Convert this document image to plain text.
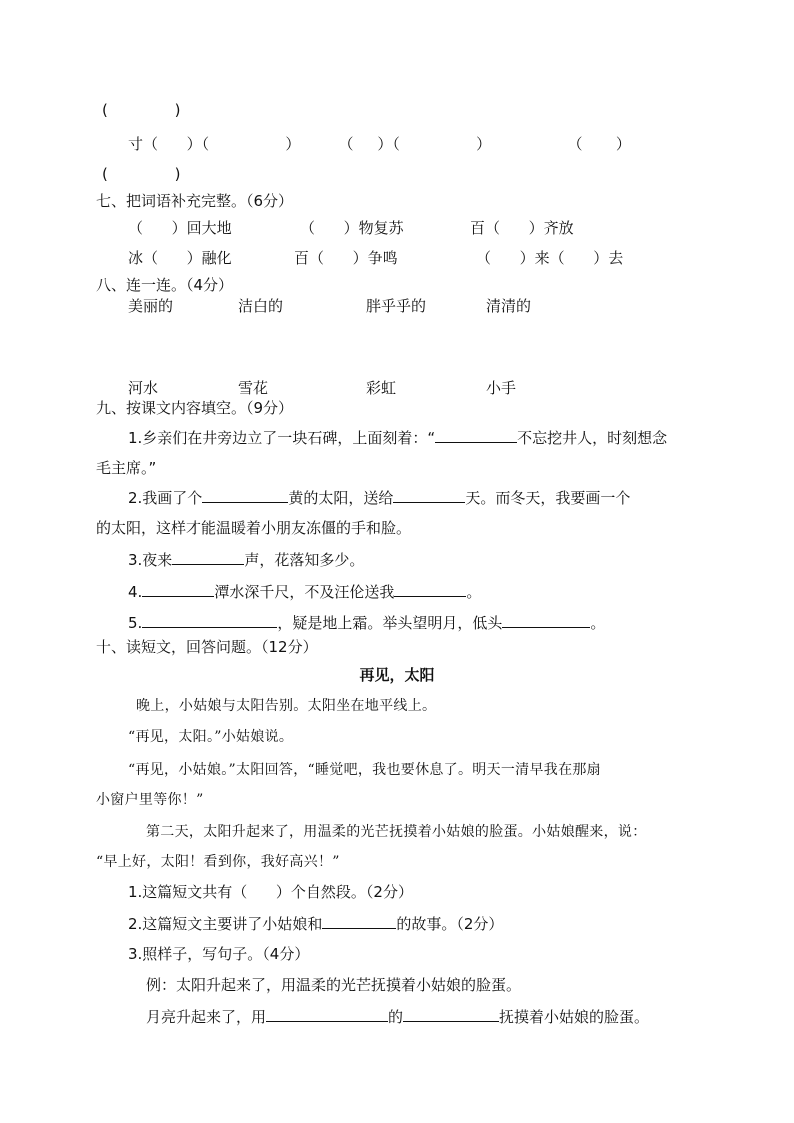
(              )
寸（      ）（                ）        （     ）（                ）                （       ）
(              )
七、把词语补充完整。（6分）
（      ）回大地	（      ）物复苏	百（      ）齐放
冰（      ）融化	百（      ）争鸣	（      ）来（      ）去
八、连一连。（4分）
美丽的	洁白的	胖乎乎的	清清的
河水	雪花	彩虹	小手
九、按课文内容填空。（9分）
1.乡亲们在井旁边立了一块石碑，上面刻着：“	不忘挖井人，时刻想念
毛主席。”
2.我画了个	黄的太阳，送给	天。而冬天，我要画一个
的太阳，这样才能温暖着小朋友冻僵的手和脸。
3.夜来	声，花落知多少。
4.	潭水深千尺，不及汪伦送我	。
5.	，疑是地上霜。举头望明月，低头	。
十、读短文，回答问题。（12分）
再见，太阳
晚上，小姑娘与太阳告别。太阳坐在地平线上。
“再见，太阳。”小姑娘说。
“再见，小姑娘。”太阳回答，“睡觉吧，我也要休息了。明天一清早我在那扇
小窗户里等你！”
第二天，太阳升起来了，用温柔的光芒抚摸着小姑娘的脸蛋。小姑娘醒来，说：
“早上好，太阳！看到你，我好高兴！”
1.这篇短文共有（      ）个自然段。（2分）
2.这篇短文主要讲了小姑娘和	的故事。（2分）
3.照样子，写句子。（4分）
例：太阳升起来了，用温柔的光芒抚摸着小姑娘的脸蛋。
月亮升起来了，用	的	抚摸着小姑娘的脸蛋。
